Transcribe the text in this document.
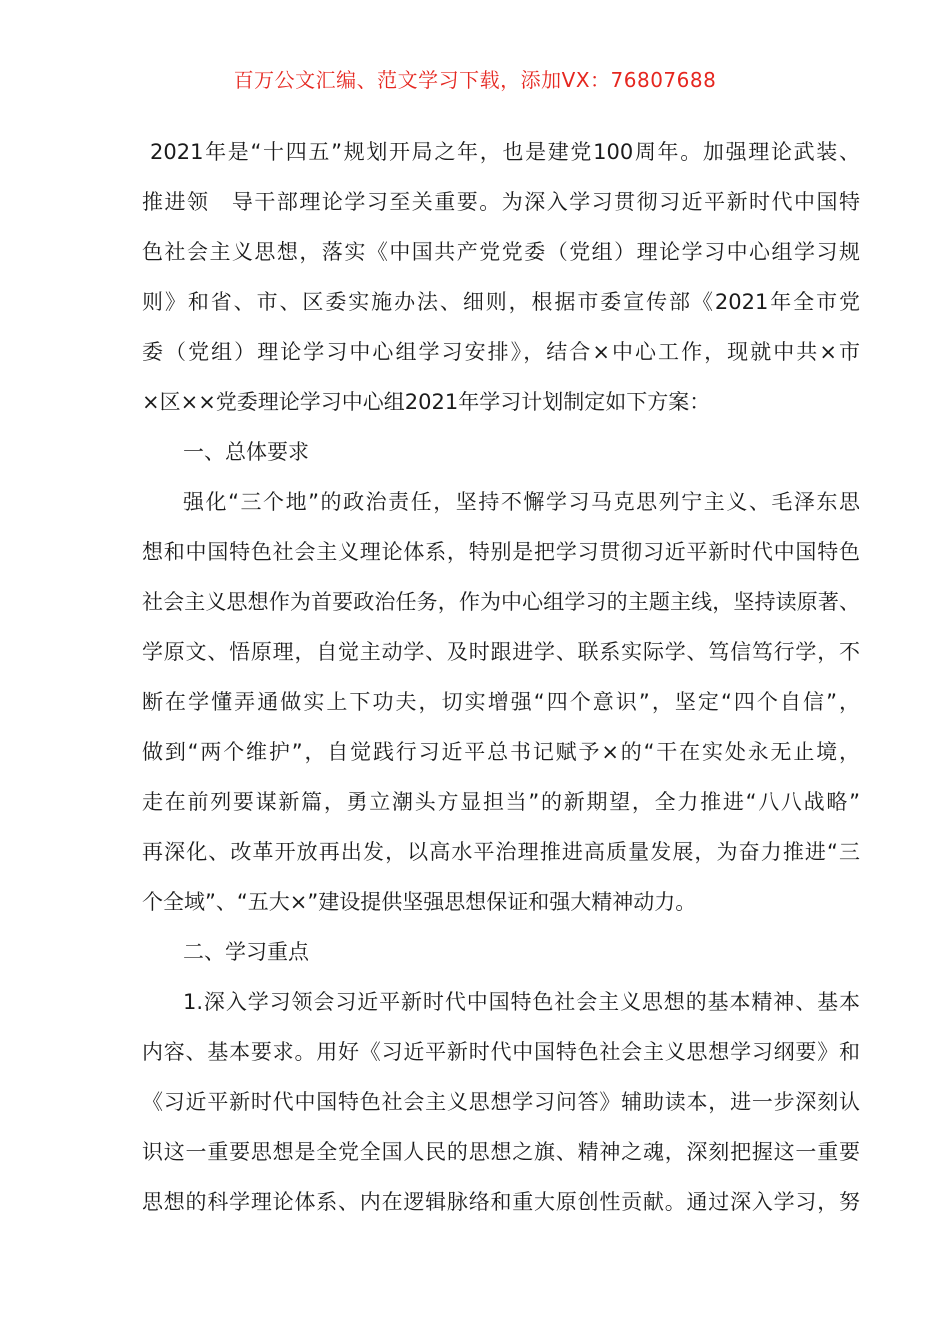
百万公文汇编、范文学习下载，添加VX：76807688
2021年是“十四五”规划开局之年，也是建党100周年。加强理论武装、
推进领　导干部理论学习至关重要。为深入学习贯彻习近平新时代中国特
色社会主义思想，落实《中国共产党党委（党组）理论学习中心组学习规
则》和省、市、区委实施办法、细则，根据市委宣传部《2021年全市党
委（党组）理论学习中心组学习安排》，结合×中心工作，现就中共×市
×区××党委理论学习中心组2021年学习计划制定如下方案：
一、总体要求
强化“三个地”的政治责任，坚持不懈学习马克思列宁主义、毛泽东思
想和中国特色社会主义理论体系，特别是把学习贯彻习近平新时代中国特色
社会主义思想作为首要政治任务，作为中心组学习的主题主线，坚持读原著、
学原文、悟原理，自觉主动学、及时跟进学、联系实际学、笃信笃行学，不
断在学懂弄通做实上下功夫，切实增强“四个意识”，坚定“四个自信”，
做到“两个维护”，自觉践行习近平总书记赋予×的“干在实处永无止境，
走在前列要谋新篇，勇立潮头方显担当”的新期望，全力推进“八八战略”
再深化、改革开放再出发，以高水平治理推进高质量发展，为奋力推进“三
个全域”、“五大×”建设提供坚强思想保证和强大精神动力。
二、学习重点
1.深入学习领会习近平新时代中国特色社会主义思想的基本精神、基本
内容、基本要求。用好《习近平新时代中国特色社会主义思想学习纲要》和
《习近平新时代中国特色社会主义思想学习问答》辅助读本，进一步深刻认
识这一重要思想是全党全国人民的思想之旗、精神之魂，深刻把握这一重要
思想的科学理论体系、内在逻辑脉络和重大原创性贡献。通过深入学习，努
